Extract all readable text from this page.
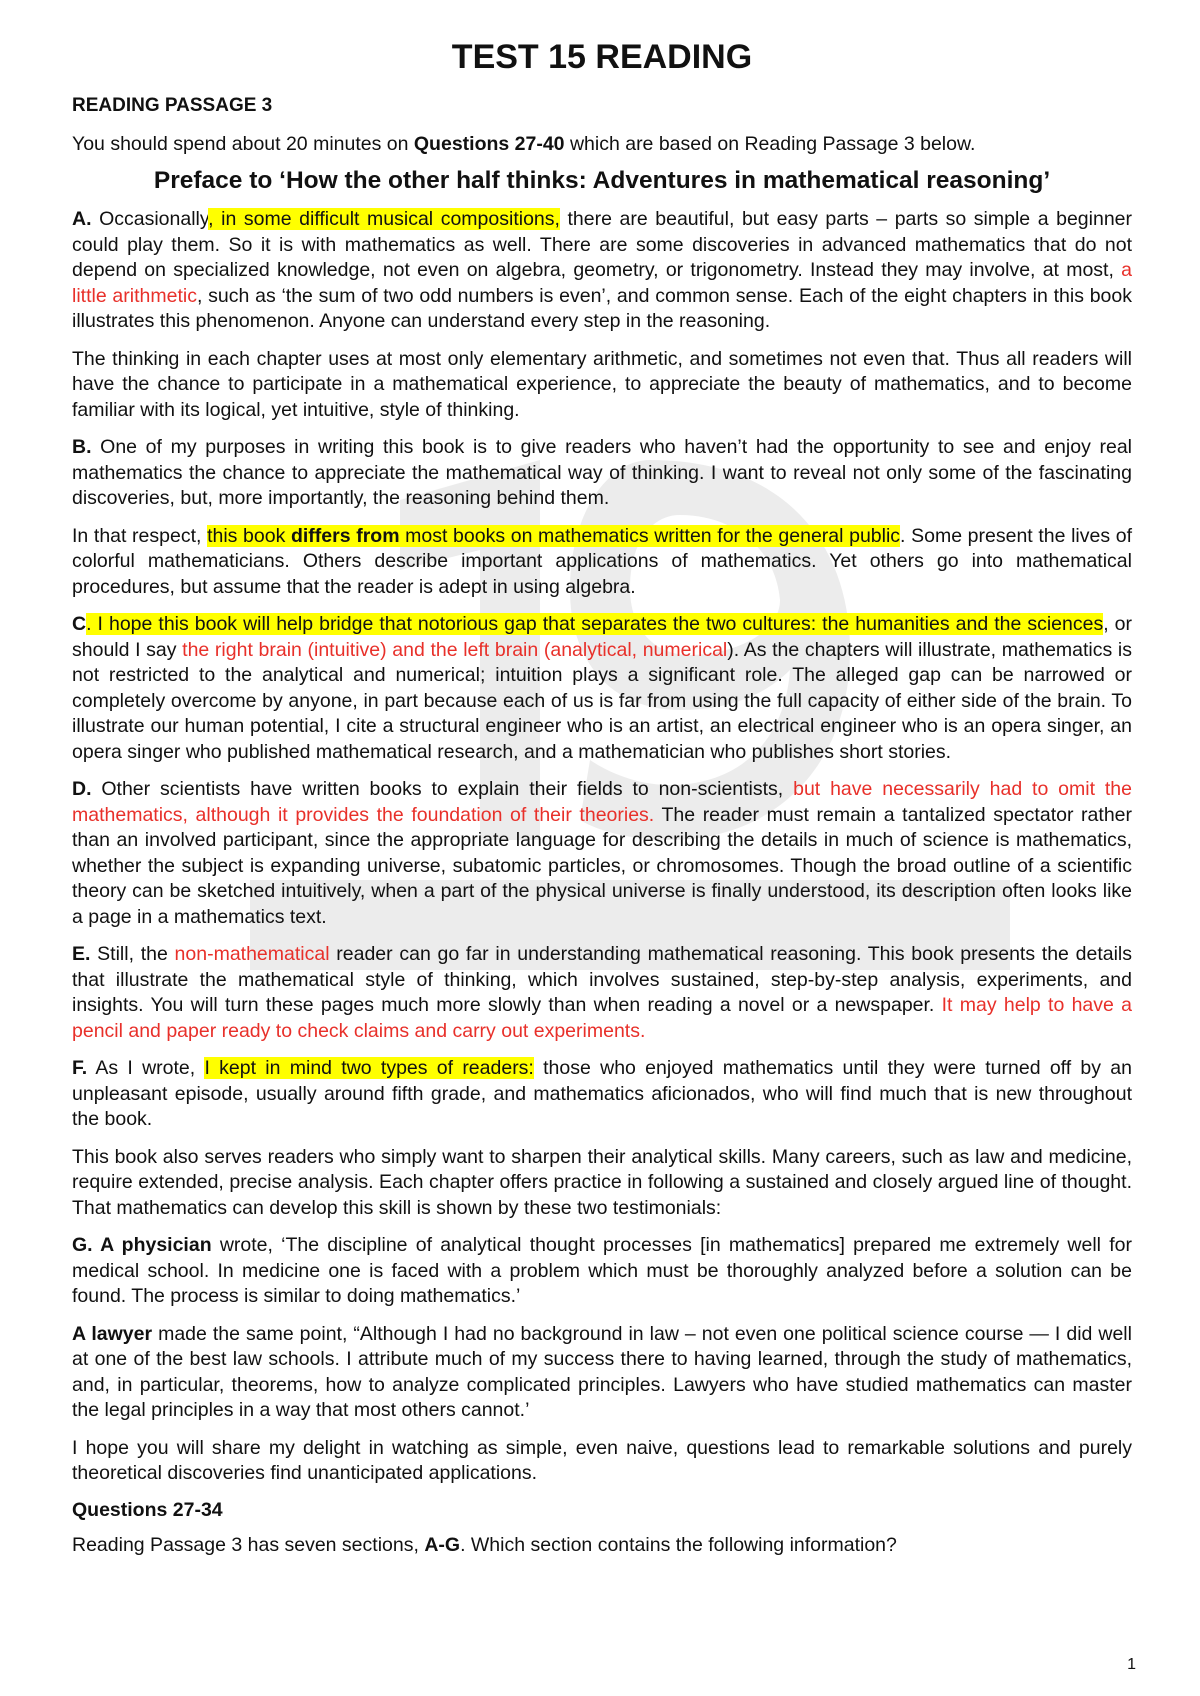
TEST 15 READING
READING PASSAGE 3
You should spend about 20 minutes on Questions 27-40 which are based on Reading Passage 3 below.
Preface to ‘How the other half thinks: Adventures in mathematical reasoning’

A. Occasionally, in some difficult musical compositions, there are beautiful, but easy parts – parts so simple a beginner could play them. So it is with mathematics as well. There are some discoveries in advanced mathematics that do not depend on specialized knowledge, not even on algebra, geometry, or trigonometry. Instead they may involve, at most, a little arithmetic, such as ‘the sum of two odd numbers is even’, and common sense. Each of the eight chapters in this book illustrates this phenomenon. Anyone can understand every step in the reasoning.

The thinking in each chapter uses at most only elementary arithmetic, and sometimes not even that. Thus all readers will have the chance to participate in a mathematical experience, to appreciate the beauty of mathematics, and to become familiar with its logical, yet intuitive, style of thinking.

B. One of my purposes in writing this book is to give readers who haven’t had the opportunity to see and enjoy real mathematics the chance to appreciate the mathematical way of thinking. I want to reveal not only some of the fascinating discoveries, but, more importantly, the reasoning behind them.

In that respect, this book differs from most books on mathematics written for the general public. Some present the lives of colorful mathematicians. Others describe important applications of mathematics. Yet others go into mathematical procedures, but assume that the reader is adept in using algebra.

C. I hope this book will help bridge that notorious gap that separates the two cultures: the humanities and the sciences, or should I say the right brain (intuitive) and the left brain (analytical, numerical). As the chapters will illustrate, mathematics is not restricted to the analytical and numerical; intuition plays a significant role. The alleged gap can be narrowed or completely overcome by anyone, in part because each of us is far from using the full capacity of either side of the brain. To illustrate our human potential, I cite a structural engineer who is an artist, an electrical engineer who is an opera singer, an opera singer who published mathematical research, and a mathematician who publishes short stories.

D. Other scientists have written books to explain their fields to non-scientists, but have necessarily had to omit the mathematics, although it provides the foundation of their theories. The reader must remain a tantalized spectator rather than an involved participant, since the appropriate language for describing the details in much of science is mathematics, whether the subject is expanding universe, subatomic particles, or chromosomes. Though the broad outline of a scientific theory can be sketched intuitively, when a part of the physical universe is finally understood, its description often looks like a page in a mathematics text.

E. Still, the non-mathematical reader can go far in understanding mathematical reasoning. This book presents the details that illustrate the mathematical style of thinking, which involves sustained, step-by-step analysis, experiments, and insights. You will turn these pages much more slowly than when reading a novel or a newspaper. It may help to have a pencil and paper ready to check claims and carry out experiments.

F. As I wrote, I kept in mind two types of readers: those who enjoyed mathematics until they were turned off by an unpleasant episode, usually around fifth grade, and mathematics aficionados, who will find much that is new throughout the book.

This book also serves readers who simply want to sharpen their analytical skills. Many careers, such as law and medicine, require extended, precise analysis. Each chapter offers practice in following a sustained and closely argued line of thought. That mathematics can develop this skill is shown by these two testimonials:

G. A physician wrote, ‘The discipline of analytical thought processes [in mathematics] prepared me extremely well for medical school. In medicine one is faced with a problem which must be thoroughly analyzed before a solution can be found. The process is similar to doing mathematics.’

A lawyer made the same point, “Although I had no background in law – not even one political science course — I did well at one of the best law schools. I attribute much of my success there to having learned, through the study of mathematics, and, in particular, theorems, how to analyze complicated principles. Lawyers who have studied mathematics can master the legal principles in a way that most others cannot.’

I hope you will share my delight in watching as simple, even naive, questions lead to remarkable solutions and purely theoretical discoveries find unanticipated applications.

Questions 27-34

Reading Passage 3 has seven sections, A-G. Which section contains the following information?

1
